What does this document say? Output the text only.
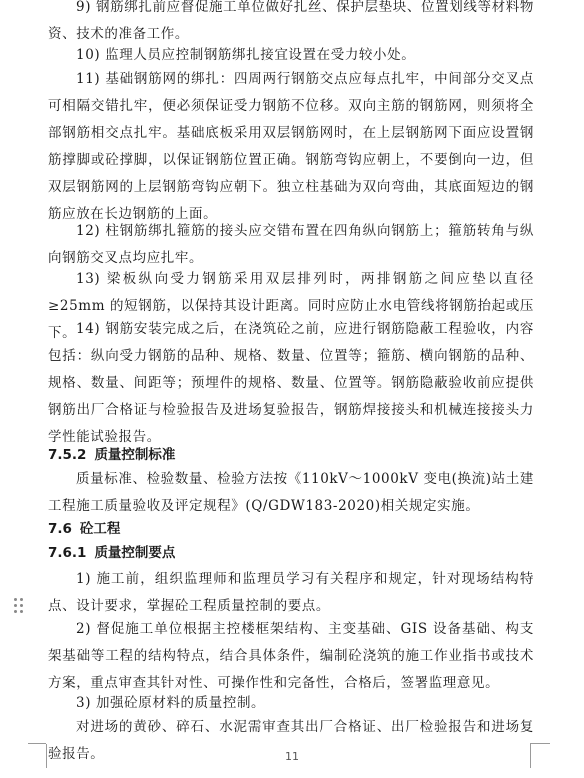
9) 钢筋绑扎前应督促施工单位做好扎丝、保护层垫块、位置划线等材料物资、技术的准备工作。

10) 监理人员应控制钢筋绑扎接宜设置在受力较小处。

11) 基础钢筋网的绑扎：四周两行钢筋交点应每点扎牢，中间部分交叉点可相隔交错扎牢，便必须保证受力钢筋不位移。双向主筋的钢筋网，则须将全部钢筋相交点扎牢。基础底板采用双层钢筋网时，在上层钢筋网下面应设置钢筋撑脚或砼撑脚，以保证钢筋位置正确。钢筋弯钩应朝上，不要倒向一边，但双层钢筋网的上层钢筋弯钩应朝下。独立柱基础为双向弯曲，其底面短边的钢筋应放在长边钢筋的上面。

12) 柱钢筋绑扎箍筋的接头应交错布置在四角纵向钢筋上；箍筋转角与纵向钢筋交叉点均应扎牢。

13) 梁板纵向受力钢筋采用双层排列时，两排钢筋之间应垫以直径≥25mm 的短钢筋，以保持其设计距离。同时应防止水电管线将钢筋抬起或压下。 14) 钢筋安装完成之后，在浇筑砼之前，应进行钢筋隐蔽工程验收，内容包括：纵向受力钢筋的品种、规格、数量、位置等；箍筋、横向钢筋的品种、规格、数量、间距等；预埋件的规格、数量、位置等。钢筋隐蔽验收前应提供钢筋出厂合格证与检验报告及进场复验报告，钢筋焊接接头和机械连接接头力学性能试验报告。

7.5.2 质量控制标准

质量标准、检验数量、检验方法按《110kV～1000kV 变电(换流)站土建工程施工质量验收及评定规程》(Q/GDW183-2020)相关规定实施。

7.6 砼工程
7.6.1 质量控制要点

1) 施工前，组织监理师和监理员学习有关程序和规定，针对现场结构特点、设计要求，掌握砼工程质量控制的要点。

2) 督促施工单位根据主控楼框架结构、主变基础、GIS 设备基础、构支架基础等工程的结构特点，结合具体条件，编制砼浇筑的施工作业指书或技术方案，重点审查其针对性、可操作性和完备性，合格后，签署监理意见。

3) 加强砼原材料的质量控制。

对进场的黄砂、碎石、水泥需审查其出厂合格证、出厂检验报告和进场复验报告。	11
